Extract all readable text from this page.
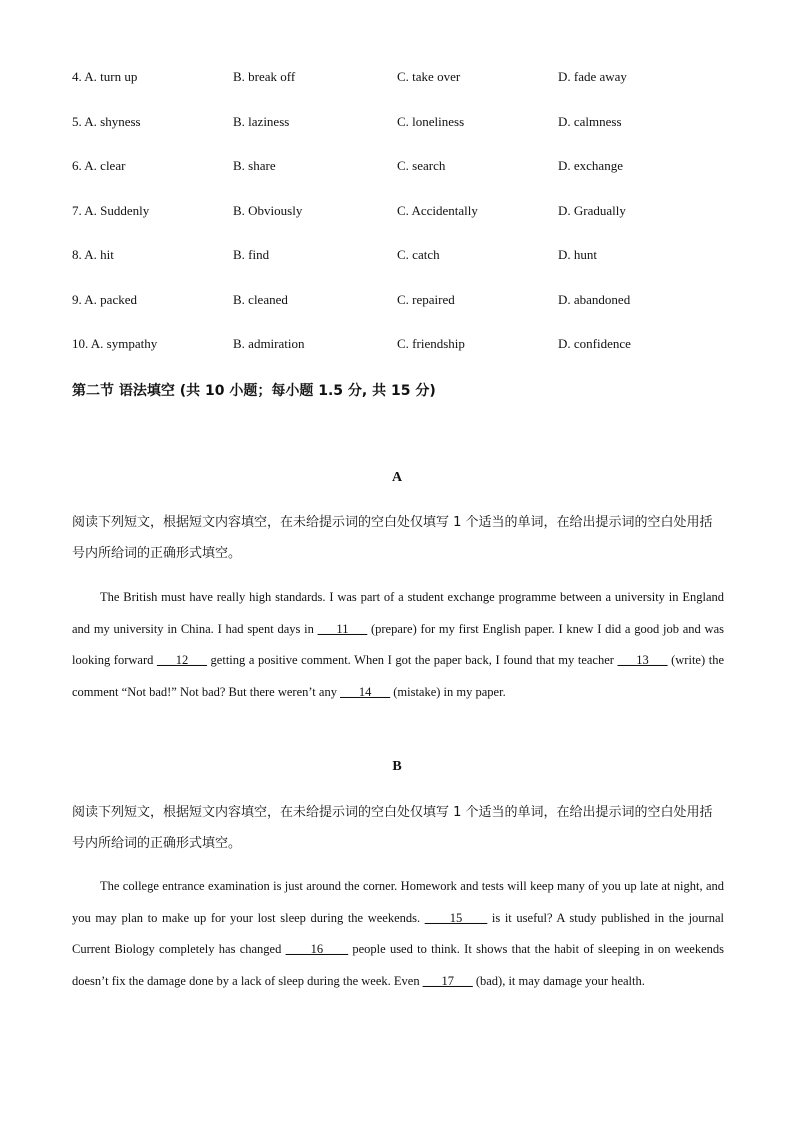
4. A. turn up	B. break off	C. take over	D. fade away
5. A. shyness	B. laziness	C. loneliness	D. calmness
6. A. clear	B. share	C. search	D. exchange
7. A. Suddenly	B. Obviously	C. Accidentally	D. Gradually
8. A. hit	B. find	C. catch	D. hunt
9. A. packed	B. cleaned	C. repaired	D. abandoned
10. A. sympathy	B. admiration	C. friendship	D. confidence
第二节 语法填空 (共 10 小题；每小题 1.5 分, 共 15 分)
A
阅读下列短文，根据短文内容填空，在未给提示词的空白处仅填写 1 个适当的单词，在给出提示词的空白处用括号内所给词的正确形式填空。

The British must have really high standards. I was part of a student exchange programme between a university in England and my university in China. I had spent days in ___11___ (prepare) for my first English paper. I knew I did a good job and was looking forward ___12___ getting a positive comment. When I got the paper back, I found that my teacher ___13___ (write) the comment “Not bad!” Not bad? But there weren’t any ___14___ (mistake) in my paper.

B
阅读下列短文，根据短文内容填空，在未给提示词的空白处仅填写 1 个适当的单词，在给出提示词的空白处用括号内所给词的正确形式填空。

The college entrance examination is just around the corner. Homework and tests will keep many of you up late at night, and you may plan to make up for your lost sleep during the weekends. ____15____ is it useful? A study published in the journal Current Biology completely has changed ____16____ people used to think. It shows that the habit of sleeping in on weekends doesn’t fix the damage done by a lack of sleep during the week. Even ___17___ (bad), it may damage your health.
